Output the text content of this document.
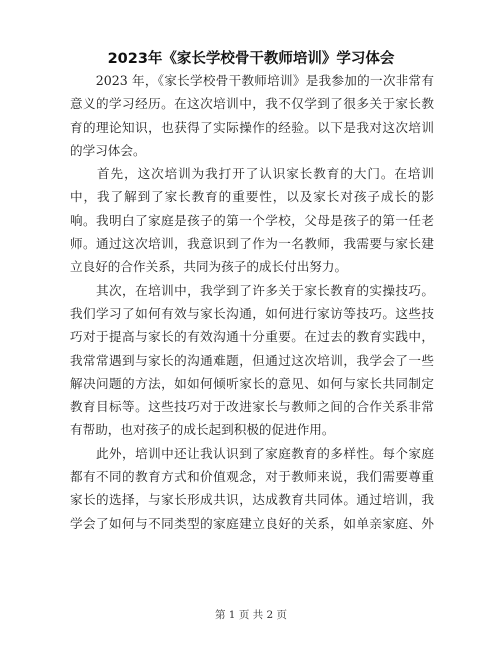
2023年《家长学校骨干教师培训》学习体会
　　2023 年，《家长学校骨干教师培训》是我参加的一次非常有
意义的学习经历。在这次培训中，我不仅学到了很多关于家长教
育的理论知识，也获得了实际操作的经验。以下是我对这次培训
的学习体会。
　　首先，这次培训为我打开了认识家长教育的大门。在培训
中，我了解到了家长教育的重要性，以及家长对孩子成长的影
响。我明白了家庭是孩子的第一个学校，父母是孩子的第一任老
师。通过这次培训，我意识到了作为一名教师，我需要与家长建
立良好的合作关系，共同为孩子的成长付出努力。
　　其次，在培训中，我学到了许多关于家长教育的实操技巧。
我们学习了如何有效与家长沟通，如何进行家访等技巧。这些技
巧对于提高与家长的有效沟通十分重要。在过去的教育实践中，
我常常遇到与家长的沟通难题，但通过这次培训，我学会了一些
解决问题的方法，如如何倾听家长的意见、如何与家长共同制定
教育目标等。这些技巧对于改进家长与教师之间的合作关系非常
有帮助，也对孩子的成长起到积极的促进作用。
　　此外，培训中还让我认识到了家庭教育的多样性。每个家庭
都有不同的教育方式和价值观念，对于教师来说，我们需要尊重
家长的选择，与家长形成共识，达成教育共同体。通过培训，我
学会了如何与不同类型的家庭建立良好的关系，如单亲家庭、外
第 1 页 共 2 页
